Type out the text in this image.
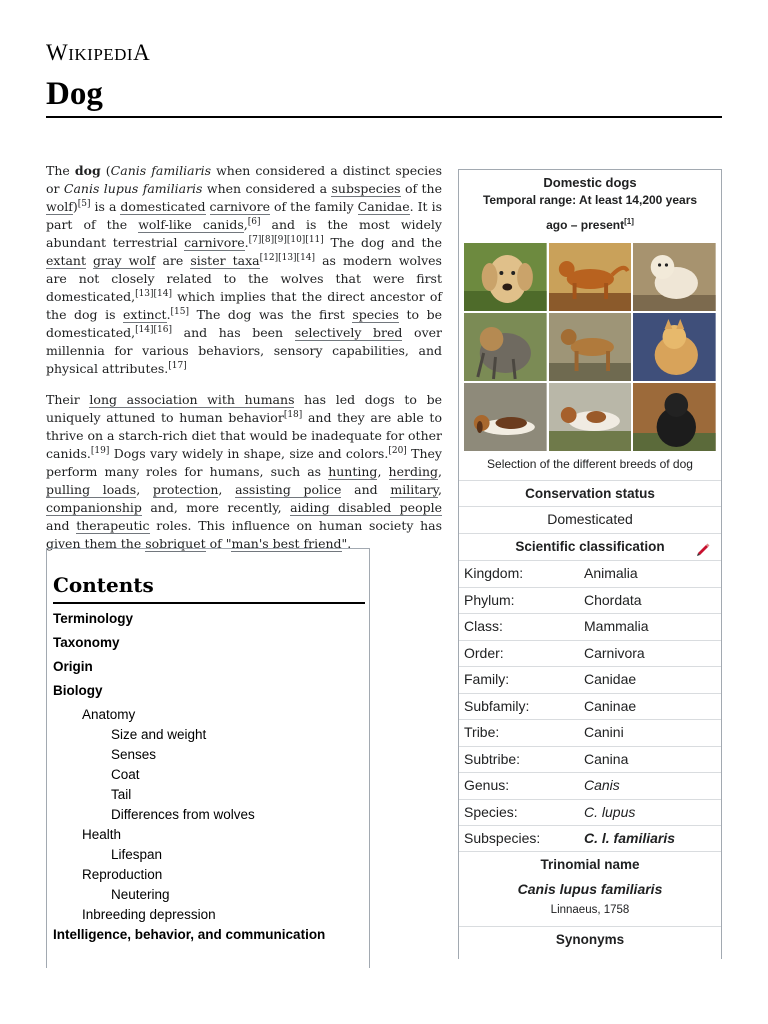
WIKIPEDIA
Dog

The dog (Canis familiaris when considered a distinct species or Canis lupus familiaris when considered a subspecies of the wolf)[5] is a domesticated carnivore of the family Canidae. It is part of the wolf-like canids,[6] and is the most widely abundant terrestrial carnivore.[7][8][9][10][11] The dog and the extant gray wolf are sister taxa[12][13][14] as modern wolves are not closely related to the wolves that were first domesticated,[13][14] which implies that the direct ancestor of the dog is extinct.[15] The dog was the first species to be domesticated,[14][16] and has been selectively bred over millennia for various behaviors, sensory capabilities, and physical attributes.[17]

Their long association with humans has led dogs to be uniquely attuned to human behavior[18] and they are able to thrive on a starch-rich diet that would be inadequate for other canids.[19] Dogs vary widely in shape, size and colors.[20] They perform many roles for humans, such as hunting, herding, pulling loads, protection, assisting police and military, companionship and, more recently, aiding disabled people and therapeutic roles. This influence on human society has given them the sobriquet of "man's best friend".

Contents
Terminology
Taxonomy
Origin
Biology
Anatomy
Size and weight
Senses
Coat
Tail
Differences from wolves
Health
Lifespan
Reproduction
Neutering
Inbreeding depression
Intelligence, behavior, and communication
Domestic dogs
Temporal range: At least 14,200 years
ago – present[1]
Selection of the different breeds of dog
Conservation status
Domesticated
Scientific classification
Kingdom:	Animalia
Phylum:	Chordata
Class:	Mammalia
Order:	Carnivora
Family:	Canidae
Subfamily:	Caninae
Tribe:	Canini
Subtribe:	Canina
Genus:	Canis
Species:	C. lupus
Subspecies:	C. l. familiaris
Trinomial name
Canis lupus familiaris
Linnaeus, 1758
Synonyms
